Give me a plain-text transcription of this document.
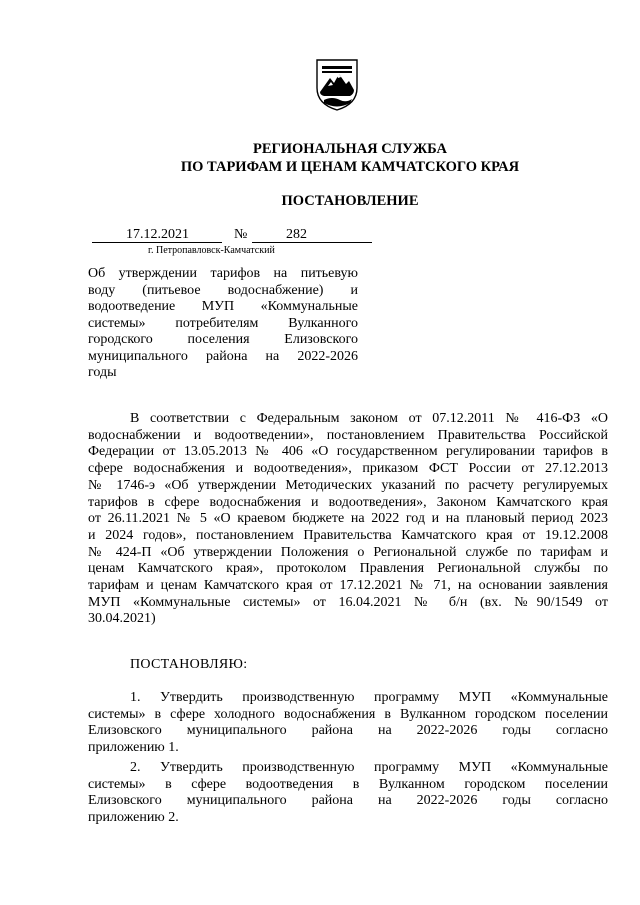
РЕГИОНАЛЬНАЯ СЛУЖБА
ПО ТАРИФАМ И ЦЕНАМ КАМЧАТСКОГО КРАЯ
ПОСТАНОВЛЕНИЕ
17.12.2021	№	282
г. Петропавловск-Камчатский
Об утверждении тарифов на питьевую
воду (питьевое водоснабжение) и
водоотведение МУП «Коммунальные
системы» потребителям Вулканного
городского поселения Елизовского
муниципального района на 2022-2026
годы
В соответствии с Федеральным законом от 07.12.2011 № 416-ФЗ «О
водоснабжении и водоотведении», постановлением Правительства Российской
Федерации от 13.05.2013 № 406 «О государственном регулировании тарифов в
сфере водоснабжения и водоотведения», приказом ФСТ России от 27.12.2013
№ 1746-э «Об утверждении Методических указаний по расчету регулируемых
тарифов в сфере водоснабжения и водоотведения», Законом Камчатского края
от 26.11.2021 № 5 «О краевом бюджете на 2022 год и на плановый период 2023
и 2024 годов», постановлением Правительства Камчатского края от 19.12.2008
№ 424-П «Об утверждении Положения о Региональной службе по тарифам и
ценам Камчатского края», протоколом Правления Региональной службы по
тарифам и ценам Камчатского края от 17.12.2021 № 71, на основании заявления
МУП «Коммунальные системы» от 16.04.2021 № б/н (вх. №90/1549 от
30.04.2021)
ПОСТАНОВЛЯЮ:
1. Утвердить производственную программу МУП «Коммунальные
системы» в сфере холодного водоснабжения в Вулканном городском поселении
Елизовского муниципального района на 2022-2026 годы согласно
приложению 1.
2. Утвердить производственную программу МУП «Коммунальные
системы» в сфере водоотведения в Вулканном городском поселении
Елизовского муниципального района на 2022-2026 годы согласно
приложению 2.
